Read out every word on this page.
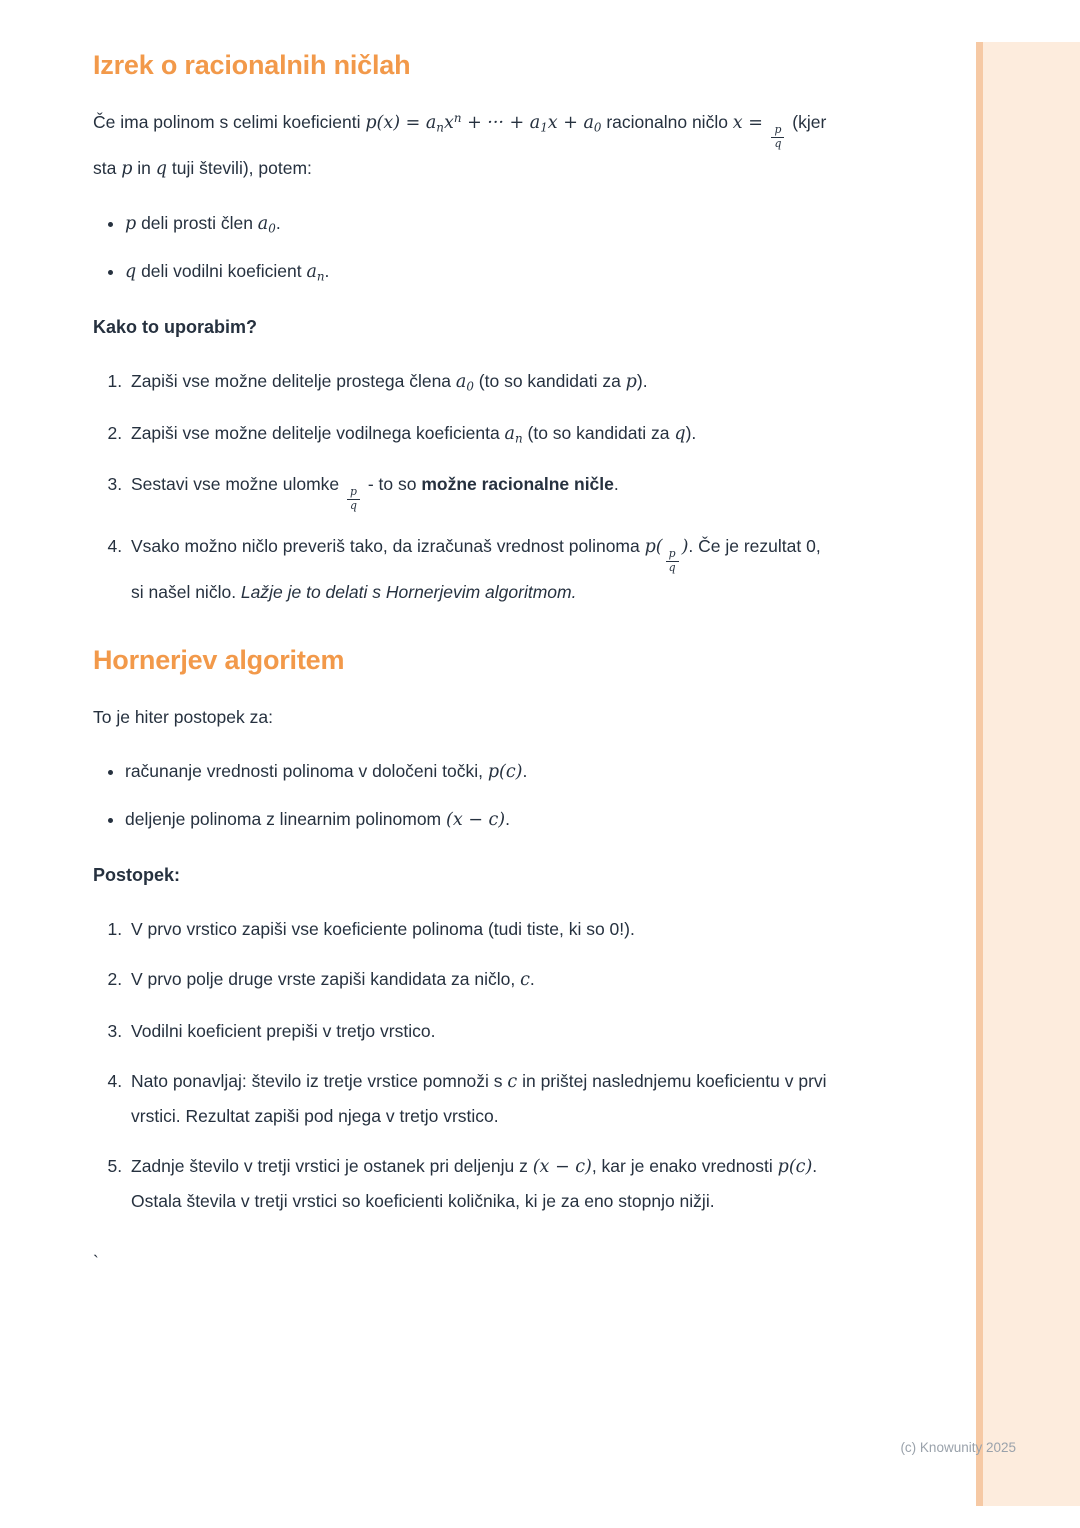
Izrek o racionalnih ničlah

Če ima polinom s celimi koeficienti p(x) = anx$^n$ + ··· + a1x + a0 racionalno ničlo x =
$\frac{p}{q}$
(kjer sta p in q tuji števili), potem:

• p deli prosti člen a0.
• q deli vodilni koeficient an.
Kako to uporabim?
1. Zapiši vse možne delitelje prostega člena a0 (to so kandidati za p).
2. Zapiši vse možne delitelje vodilnega koeficienta an (to so kandidati za q).
3. Sestavi vse možne ulomke
$\frac{p}{q}$
- to so možne racionalne ničle.
4. Vsako možno ničlo preveriš tako, da izračunaš vrednost polinoma p(
$\frac{p}{q}$
). Če je rezultat 0, si našel ničlo. Lažje je to delati s Hornerjevim algoritmom.
Hornerjev algoritem

To je hiter postopek za:

• računanje vrednosti polinoma v določeni točki, p(c).
• deljenje polinoma z linearnim polinomom (x − c).
Postopek:
1. V prvo vrstico zapiši vse koeficiente polinoma (tudi tiste, ki so 0!).
2. V prvo polje druge vrste zapiši kandidata za ničlo, c.
3. Vodilni koeficient prepiši v tretjo vrstico.
4. Nato ponavljaj: število iz tretje vrstice pomnoži s c in prištej naslednjemu koeficientu v prvi vrstici. Rezultat zapiši pod njega v tretjo vrstico.
5. Zadnje število v tretji vrstici je ostanek pri deljenju z (x − c), kar je enako vrednosti p(c). Ostala števila v tretji vrstici so koeficienti količnika, ki je za eno stopnjo nižji.
`
(c) Knowunity 2025
